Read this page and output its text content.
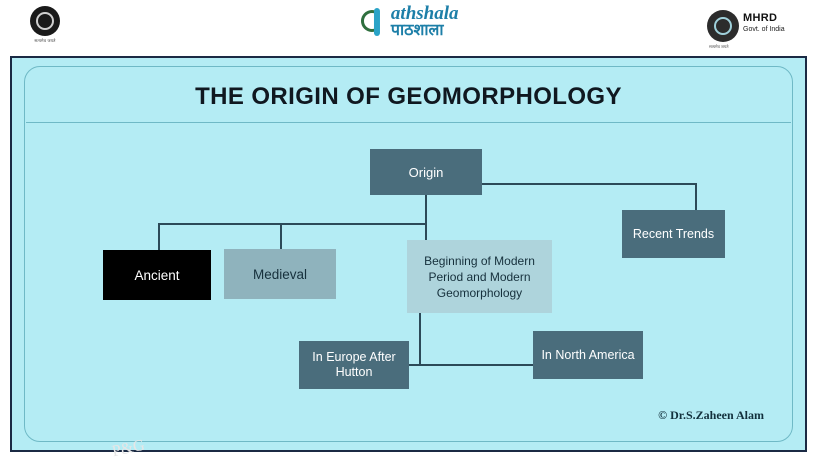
सत्यमेव जयते

athshala
पाठशाला
MHRD
Govt. of India
सत्यमेव जयते
THE ORIGIN OF GEOMORPHOLOGY
Origin
Recent Trends
Ancient	Medieval
Beginning of Modern Period and Modern Geomorphology
In Europe After Hutton
In North America
© Dr.S.Zaheen Alam
P&G
